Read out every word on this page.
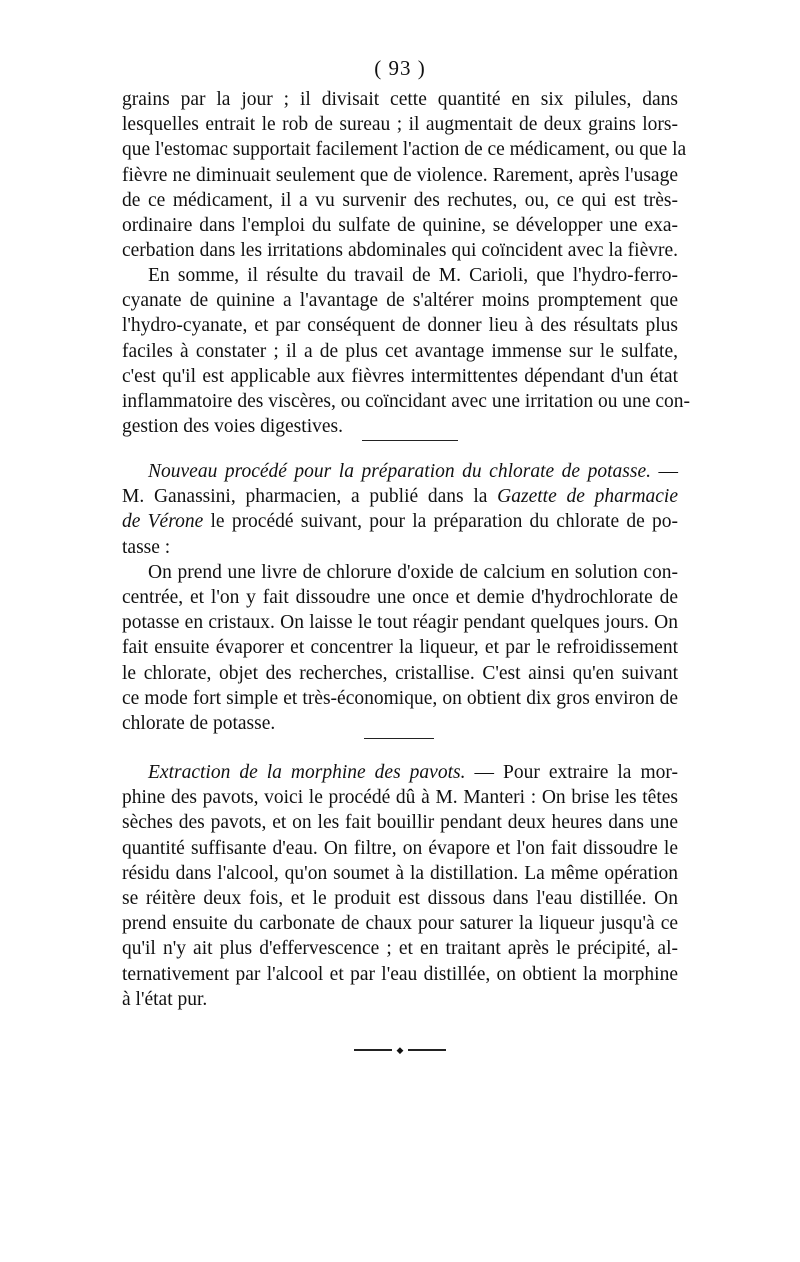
( 93 )
grains par la jour ; il divisait cette quantité en six pilules, dans
lesquelles entrait le rob de sureau ; il augmentait de deux grains lors-
que l'estomac supportait facilement l'action de ce médicament, ou que la
fièvre ne diminuait seulement que de violence. Rarement, après l'usage
de ce médicament, il a vu survenir des rechutes, ou, ce qui est très-
ordinaire dans l'emploi du sulfate de quinine, se développer une exa-
cerbation dans les irritations abdominales qui coïncident avec la fièvre.
En somme, il résulte du travail de M. Carioli, que l'hydro-ferro-
cyanate de quinine a l'avantage de s'altérer moins promptement que
l'hydro-cyanate, et par conséquent de donner lieu à des résultats plus
faciles à constater ; il a de plus cet avantage immense sur le sulfate,
c'est qu'il est applicable aux fièvres intermittentes dépendant d'un état
inflammatoire des viscères, ou coïncidant avec une irritation ou une con-
gestion des voies digestives.
Nouveau procédé pour la préparation du chlorate de potasse. —
M. Ganassini, pharmacien, a publié dans la Gazette de pharmacie
de Vérone le procédé suivant, pour la préparation du chlorate de po-
tasse :
On prend une livre de chlorure d'oxide de calcium en solution con-
centrée, et l'on y fait dissoudre une once et demie d'hydrochlorate de
potasse en cristaux. On laisse le tout réagir pendant quelques jours. On
fait ensuite évaporer et concentrer la liqueur, et par le refroidissement
le chlorate, objet des recherches, cristallise. C'est ainsi qu'en suivant
ce mode fort simple et très-économique, on obtient dix gros environ de
chlorate de potasse.
Extraction de la morphine des pavots. — Pour extraire la mor-
phine des pavots, voici le procédé dû à M. Manteri : On brise les têtes
sèches des pavots, et on les fait bouillir pendant deux heures dans une
quantité suffisante d'eau. On filtre, on évapore et l'on fait dissoudre le
résidu dans l'alcool, qu'on soumet à la distillation. La même opération
se réitère deux fois, et le produit est dissous dans l'eau distillée. On
prend ensuite du carbonate de chaux pour saturer la liqueur jusqu'à ce
qu'il n'y ait plus d'effervescence ; et en traitant après le précipité, al-
ternativement par l'alcool et par l'eau distillée, on obtient la morphine
à l'état pur.
◆
